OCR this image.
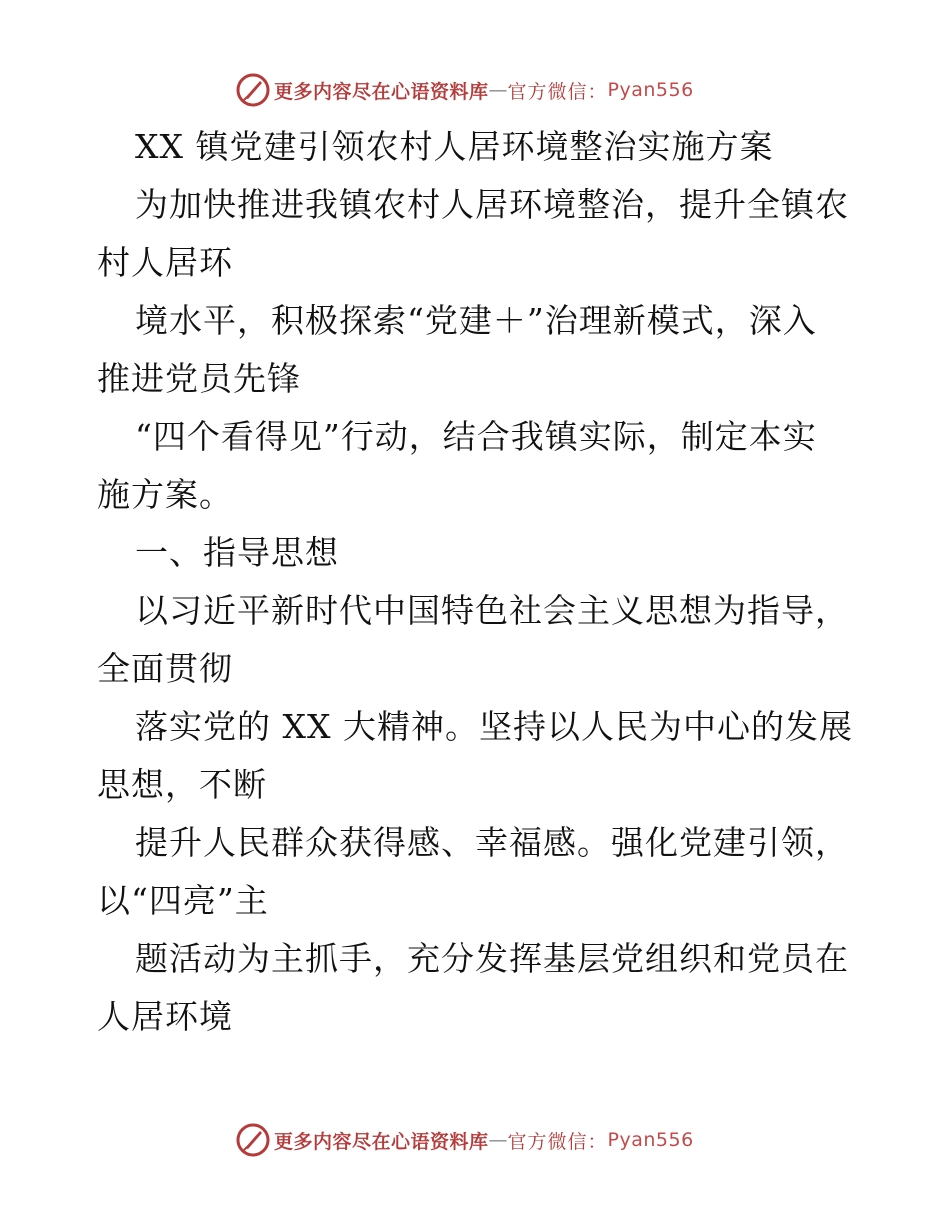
更多内容尽在心语资料库 — 官方微信： Pyan556
XX 镇党建引领农村人居环境整治实施方案
为加快推进我镇农村人居环境整治，提升全镇农
村人居环
境水平，积极探索“党建＋”治理新模式，深入
推进党员先锋
“四个看得见”行动，结合我镇实际，制定本实
施方案。
一、指导思想
以习近平新时代中国特色社会主义思想为指导，
全面贯彻
落实党的 XX 大精神。坚持以人民为中心的发展
思想，不断
提升人民群众获得感、幸福感。强化党建引领，
以“四亮”主
题活动为主抓手，充分发挥基层党组织和党员在
人居环境
更多内容尽在心语资料库 — 官方微信： Pyan556
